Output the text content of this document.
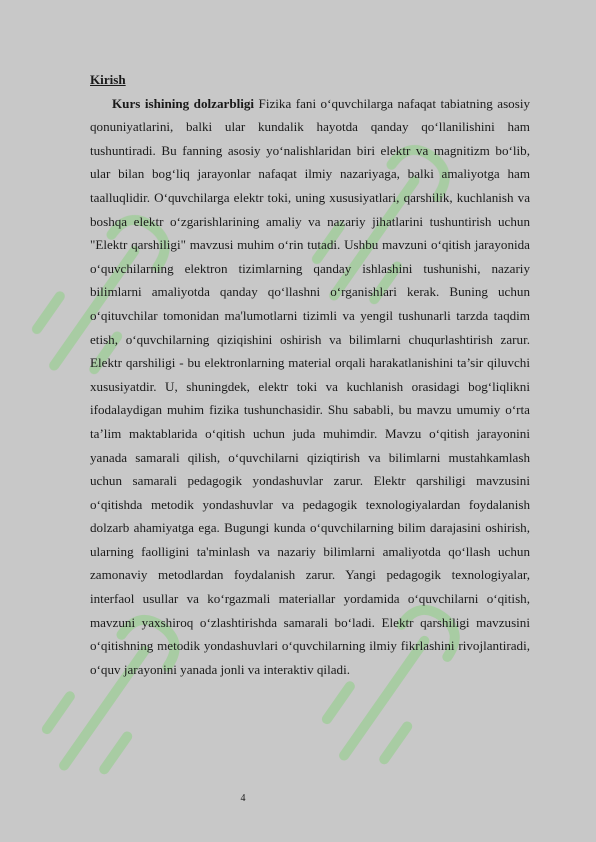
Kirish

Kurs ishining dolzarbligi Fizika fani o‘quvchilarga nafaqat tabiatning asosiy qonuniyatlarini, balki ular kundalik hayotda qanday qo‘llanilishini ham tushuntiradi. Bu fanning asosiy yo‘nalishlaridan biri elektr va magnitizm bo‘lib, ular bilan bog‘liq jarayonlar nafaqat ilmiy nazariyaga, balki amaliyotga ham taalluqlidir. O‘quvchilarga elektr toki, uning xususiyatlari, qarshilik, kuchlanish va boshqa elektr o‘zgarishlarining amaliy va nazariy jihatlarini tushuntirish uchun "Elektr qarshiligi" mavzusi muhim o‘rin tutadi. Ushbu mavzuni o‘qitish jarayonida o‘quvchilarning elektron tizimlarning qanday ishlashini tushunishi, nazariy bilimlarni amaliyotda qanday qo‘llashni o‘rganishlari kerak. Buning uchun o‘qituvchilar tomonidan ma'lumotlarni tizimli va yengil tushunarli tarzda taqdim etish, o‘quvchilarning qiziqishini oshirish va bilimlarni chuqurlashtirish zarur. Elektr qarshiligi - bu elektronlarning material orqali harakatlanishini ta’sir qiluvchi xususiyatdir. U, shuningdek, elektr toki va kuchlanish orasidagi bog‘liqlikni ifodalaydigan muhim fizika tushunchasidir. Shu sababli, bu mavzu umumiy o‘rta ta’lim maktablarida o‘qitish uchun juda muhimdir. Mavzu o‘qitish jarayonini yanada samarali qilish, o‘quvchilarni qiziqtirish va bilimlarni mustahkamlash uchun samarali pedagogik yondashuvlar zarur. Elektr qarshiligi mavzusini o‘qitishda metodik yondashuvlar va pedagogik texnologiyalardan foydalanish dolzarb ahamiyatga ega. Bugungi kunda o‘quvchilarning bilim darajasini oshirish, ularning faolligini ta'minlash va nazariy bilimlarni amaliyotda qo‘llash uchun zamonaviy metodlardan foydalanish zarur. Yangi pedagogik texnologiyalar, interfaol usullar va ko‘rgazmali materiallar yordamida o‘quvchilarni o‘qitish, mavzuni yaxshiroq o‘zlashtirishda samarali bo‘ladi. Elektr qarshiligi mavzusini o‘qitishning metodik yondashuvlari o‘quvchilarning ilmiy fikrlashini rivojlantiradi, o‘quv jarayonini yanada jonli va interaktiv qiladi.

4
